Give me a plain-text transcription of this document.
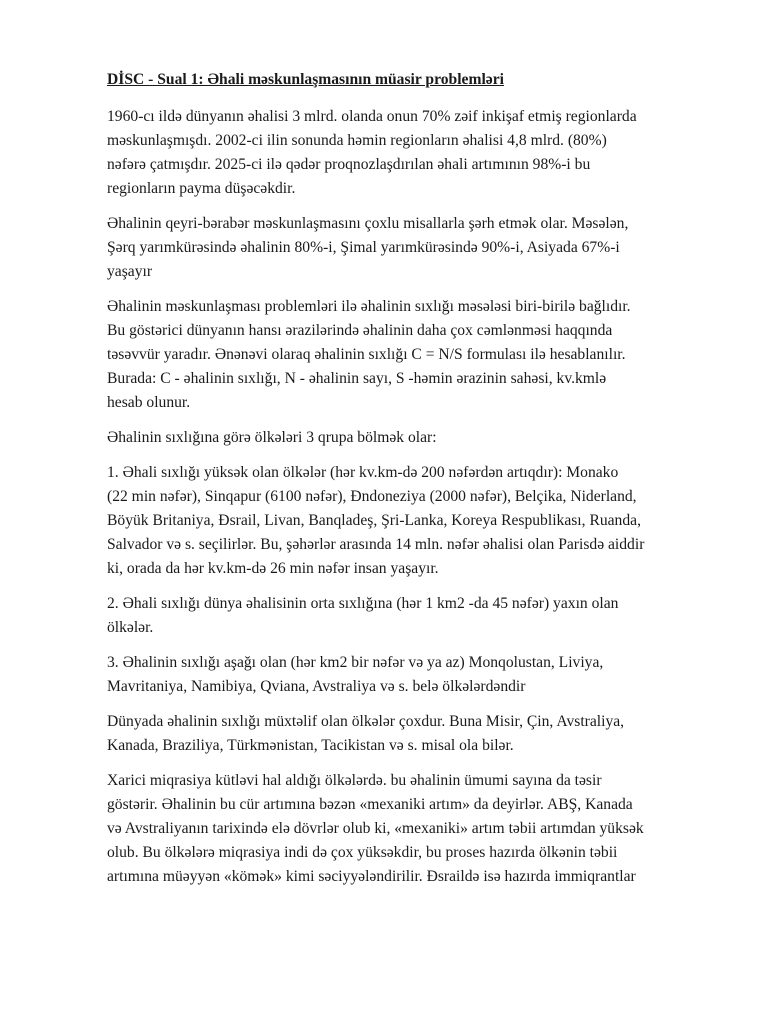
DİSC - Sual 1: Əhali məskunlaşmasının müasir problemləri
1960-cı ildə dünyanın əhalisi 3 mlrd. olanda onun 70% zəif inkişaf etmiş regionlarda
məskunlaşmışdı. 2002-ci ilin sonunda həmin regionların əhalisi 4,8 mlrd. (80%)
nəfərə çatmışdır. 2025-ci ilə qədər proqnozlaşdırılan əhali artımının 98%-i bu
regionların payma düşəcəkdir.
Əhalinin qeyri-bərabər məskunlaşmasını çoxlu misallarla şərh etmək olar. Məsələn,
Şərq yarımkürəsində əhalinin 80%-i, Şimal yarımkürəsində 90%-i, Asiyada 67%-i
yaşayır
Əhalinin məskunlaşması problemləri ilə əhalinin sıxlığı məsələsi biri-birilə bağlıdır.
Bu göstərici dünyanın hansı ərazilərində əhalinin daha çox cəmlənməsi haqqında
təsəvvür yaradır. Ənənəvi olaraq əhalinin sıxlığı C = N/S formulası ilə hesablanılır.
Burada: C - əhalinin sıxlığı, N - əhalinin sayı, S -həmin ərazinin sahəsi, kv.kmlə
hesab olunur.
Əhalinin sıxlığına görə ölkələri 3 qrupa bölmək olar:
1. Əhali sıxlığı yüksək olan ölkələr (hər kv.km-də 200 nəfərdən artıqdır): Monako
(22 min nəfər), Sinqapur (6100 nəfər), Đndoneziya (2000 nəfər), Belçika, Niderland,
Böyük Britaniya, Đsrail, Livan, Banqladeş, Şri-Lanka, Koreya Respublikası, Ruanda,
Salvador və s. seçilirlər. Bu, şəhərlər arasında 14 mln. nəfər əhalisi olan Parisdə aiddir
ki, orada da hər kv.km-də 26 min nəfər insan yaşayır.
2. Əhali sıxlığı dünya əhalisinin orta sıxlığına (hər 1 km2 -da 45 nəfər) yaxın olan
ölkələr.
3. Əhalinin sıxlığı aşağı olan (hər km2 bir nəfər və ya az) Monqolustan, Liviya,
Mavritaniya, Namibiya, Qviana, Avstraliya və s. belə ölkələrdəndir
Dünyada əhalinin sıxlığı müxtəlif olan ölkələr çoxdur. Buna Misir, Çin, Avstraliya,
Kanada, Braziliya, Türkmənistan, Tacikistan və s. misal ola bilər.
Xarici miqrasiya kütləvi hal aldığı ölkələrdə. bu əhalinin ümumi sayına da təsir
göstərir. Əhalinin bu cür artımına bəzən «mexaniki artım» da deyirlər. ABŞ, Kanada
və Avstraliyanın tarixində elə dövrlər olub ki, «mexaniki» artım təbii artımdan yüksək
olub. Bu ölkələrə miqrasiya indi də çox yüksəkdir, bu proses hazırda ölkənin təbii
artımına müəyyən «kömək» kimi səciyyələndirilir. Đsraildə isə hazırda immiqrantlar
